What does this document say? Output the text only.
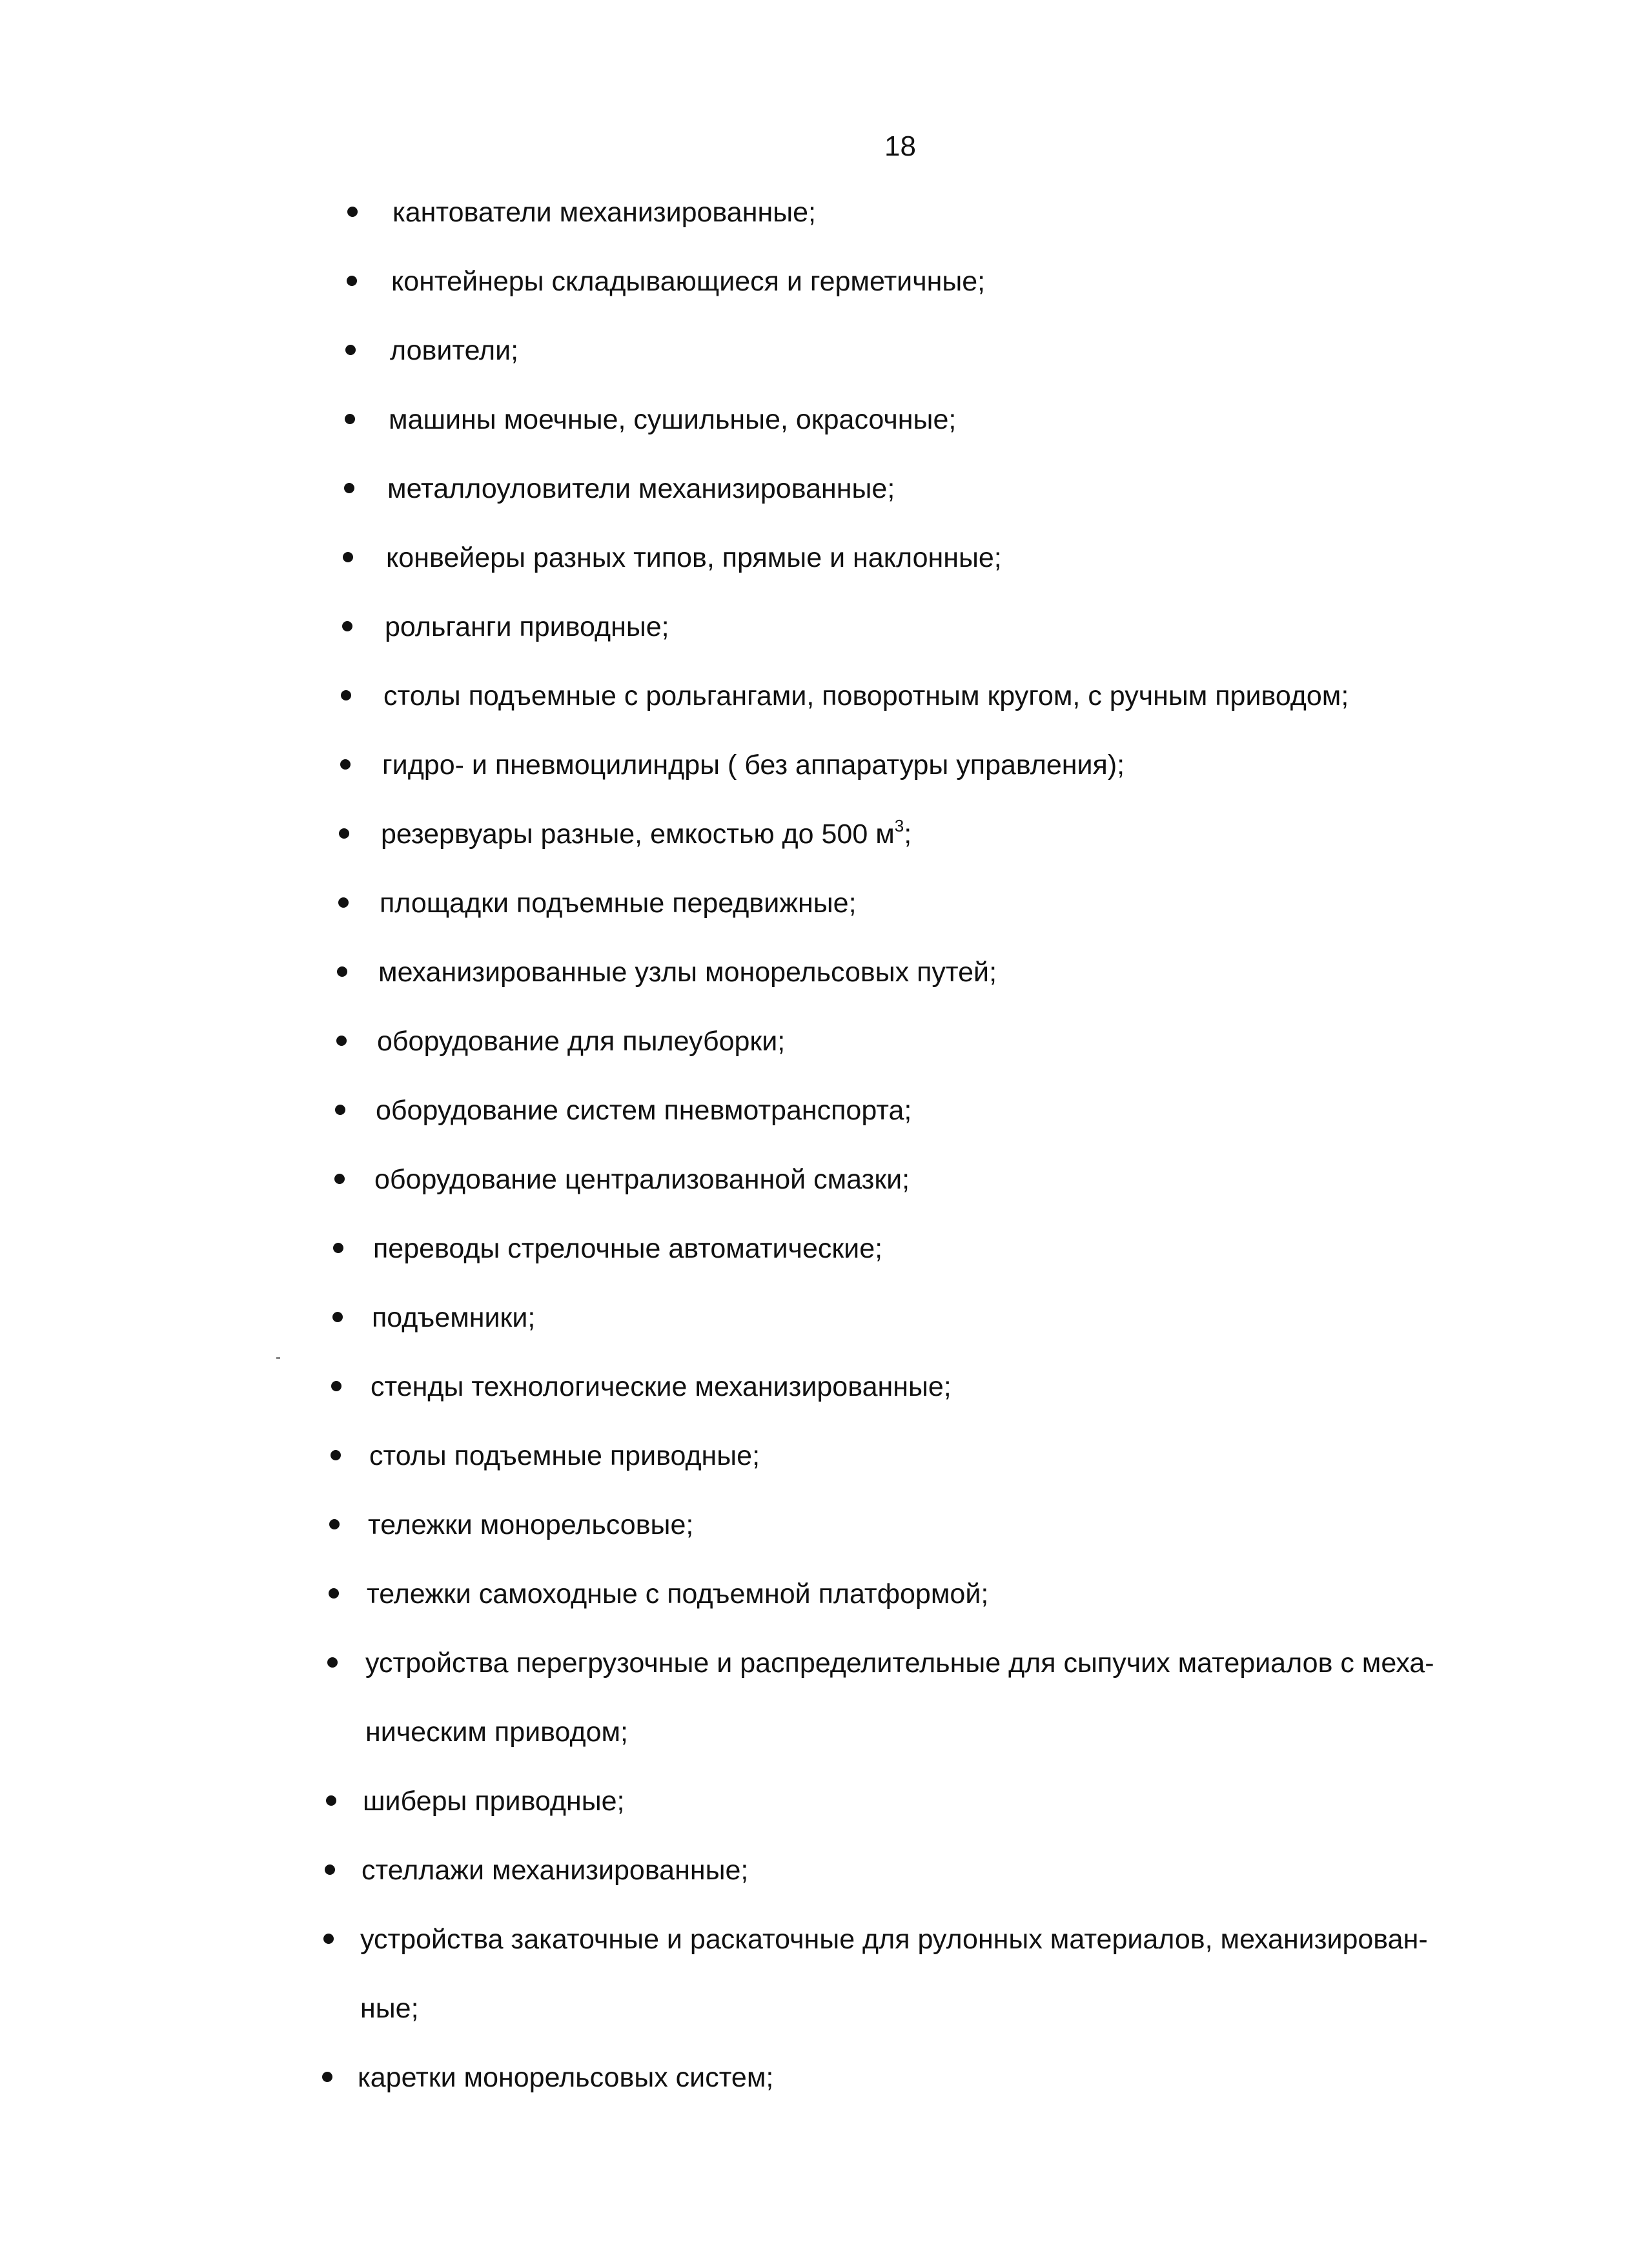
18
кантователи механизированные;
контейнеры складывающиеся и герметичные;
ловители;
машины моечные, сушильные, окрасочные;
металлоуловители механизированные;
конвейеры разных типов, прямые и наклонные;
рольганги приводные;
столы подъемные с рольгангами, поворотным кругом, с ручным приводом;
гидро- и пневмоцилиндры ( без аппаратуры управления);
резервуары разные, емкостью до 500 $м^3$;
площадки подъемные передвижные;
механизированные узлы монорельсовых путей;
оборудование для пылеуборки;
оборудование систем пневмотранспорта;
оборудование централизованной смазки;
переводы стрелочные автоматические;
подъемники;
стенды технологические механизированные;
столы подъемные приводные;
тележки монорельсовые;
тележки самоходные с подъемной платформой;
устройства перегрузочные и распределительные для сыпучих материалов с меха-
ническим приводом;
шиберы приводные;
стеллажи механизированные;
устройства закаточные и раскаточные для рулонных материалов, механизирован-
ные;
каретки монорельсовых систем;
